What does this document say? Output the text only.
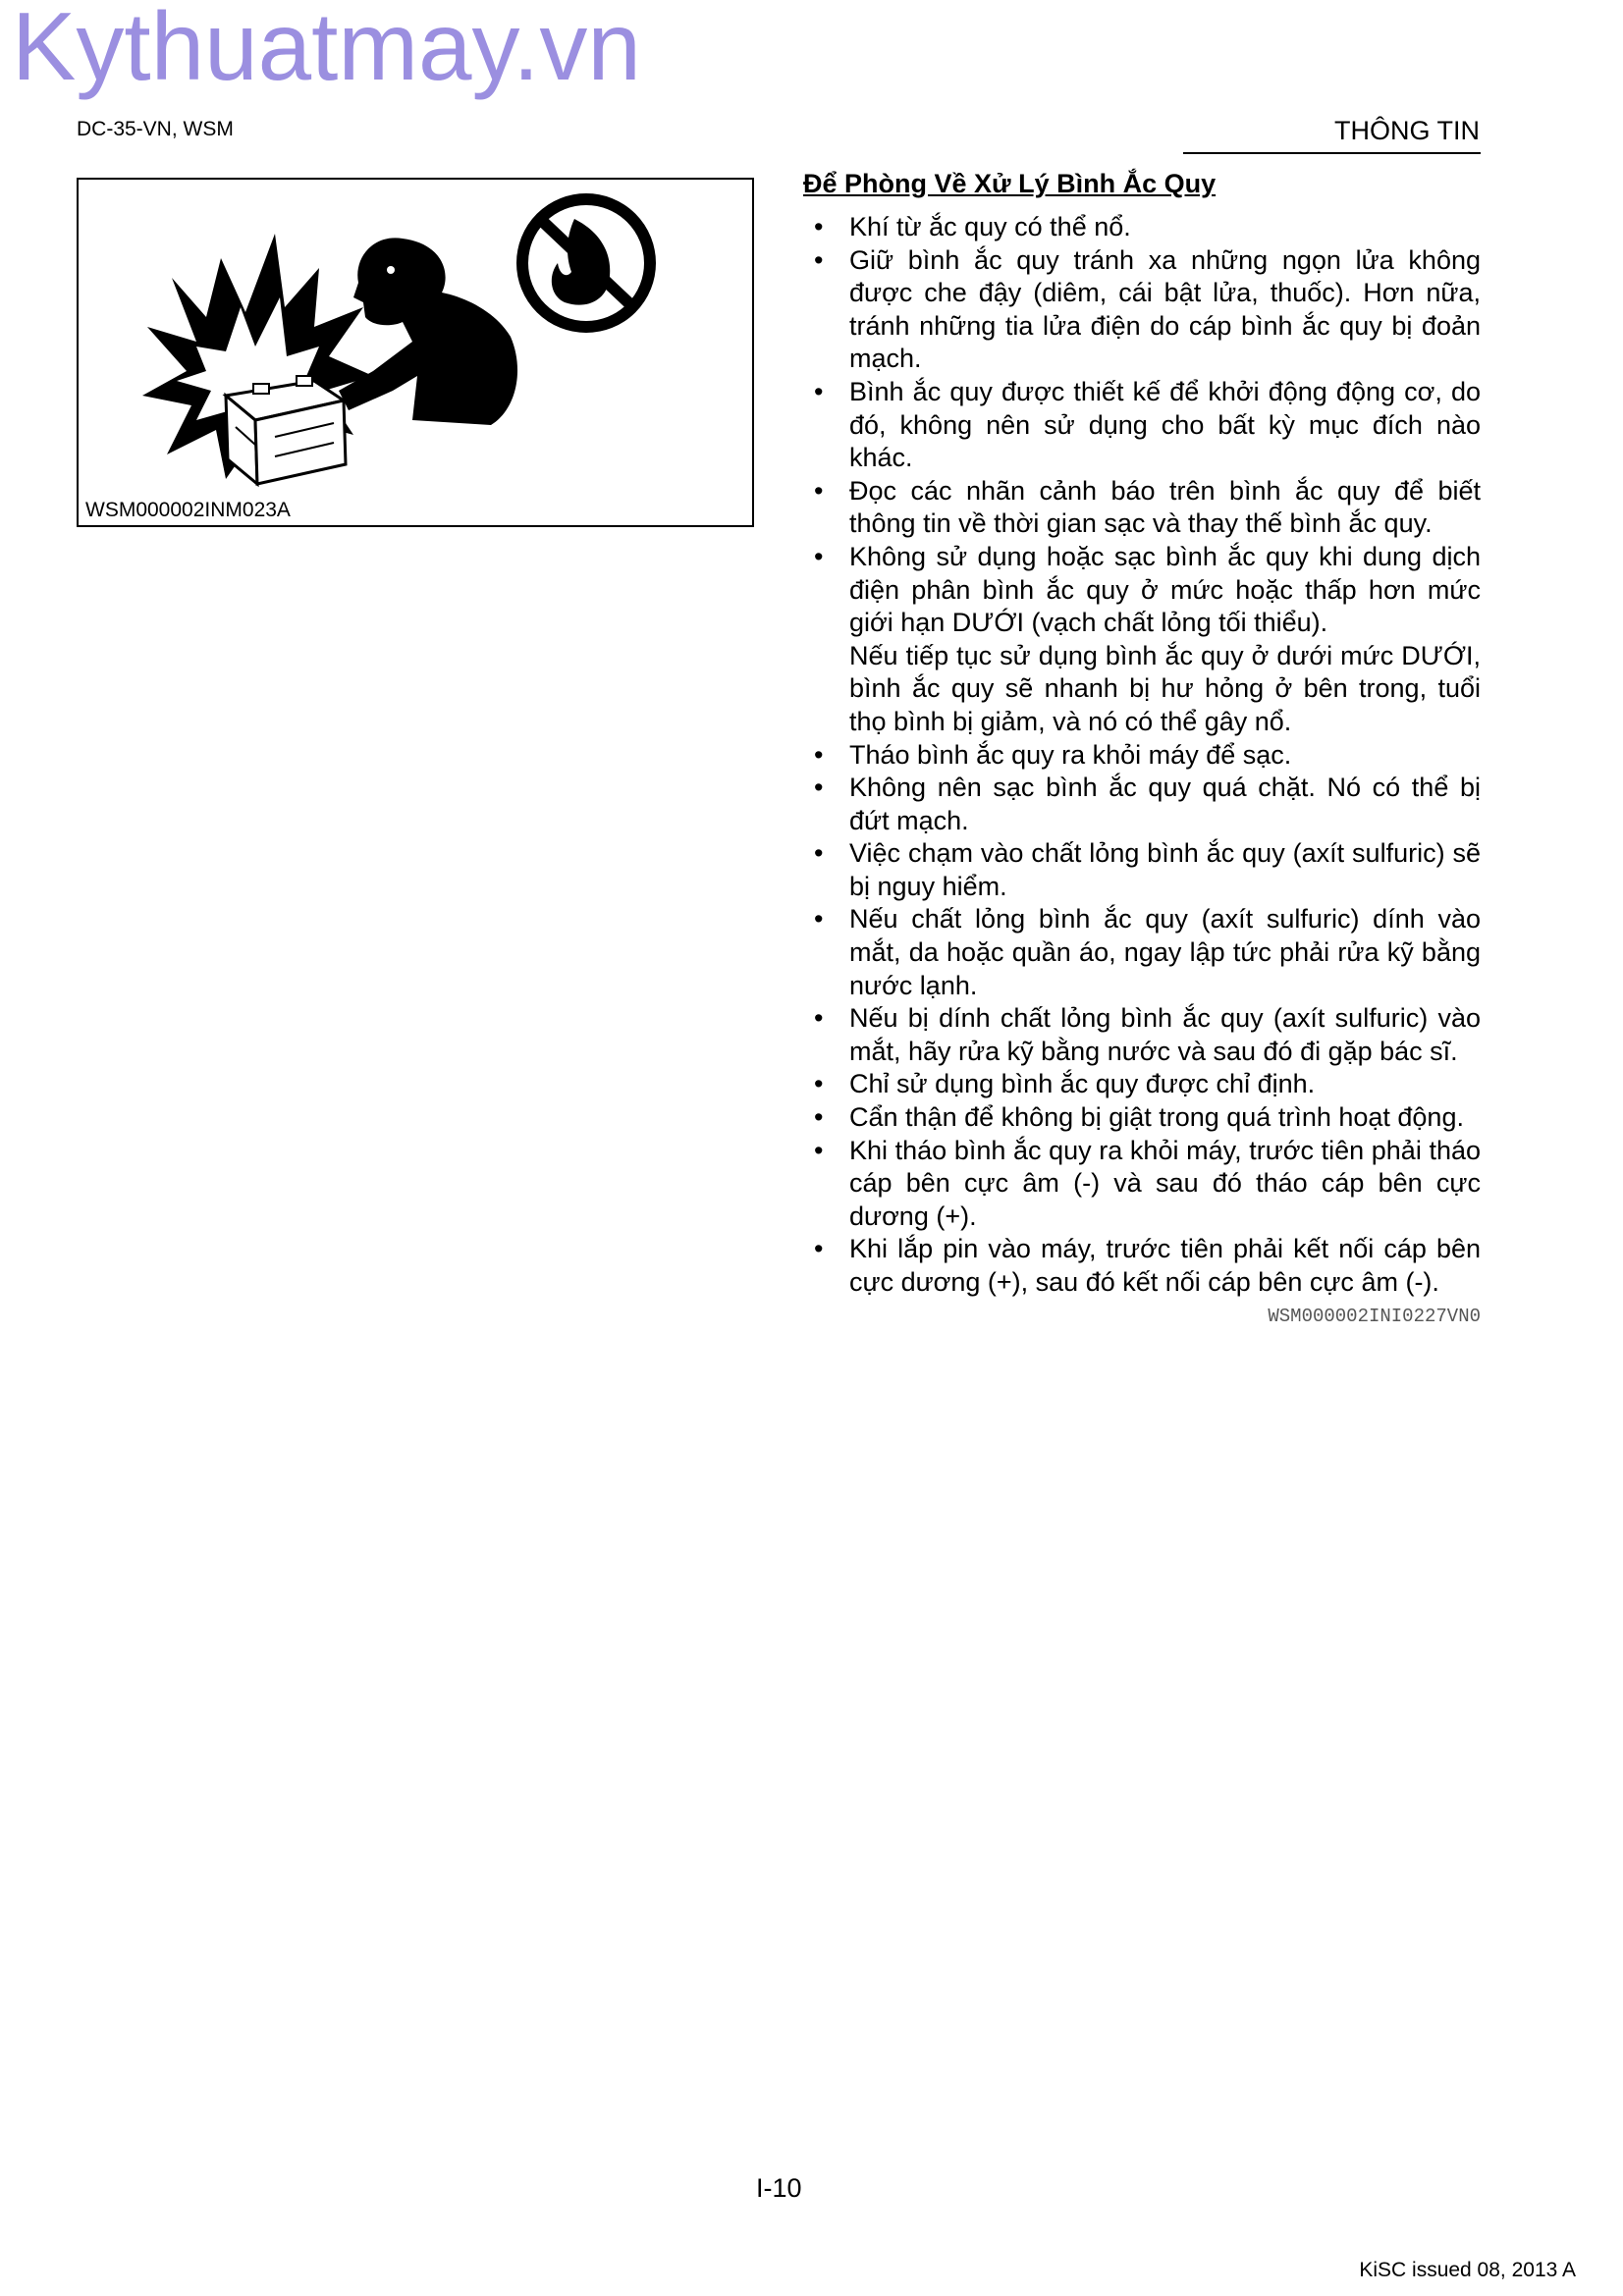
Kythuatmay.vn
DC-35-VN, WSM	THÔNG TIN
WSM000002INM023A
Để Phòng Về Xử Lý Bình Ắc Quy
• Khí từ ắc quy có thể nổ.
• Giữ bình ắc quy tránh xa những ngọn lửa không được che đậy (diêm, cái bật lửa, thuốc). Hơn nữa, tránh những tia lửa điện do cáp bình ắc quy bị đoản mạch.
• Bình ắc quy được thiết kế để khởi động động cơ, do đó, không nên sử dụng cho bất kỳ mục đích nào khác.
• Đọc các nhãn cảnh báo trên bình ắc quy để biết thông tin về thời gian sạc và thay thế bình ắc quy.
• Không sử dụng hoặc sạc bình ắc quy khi dung dịch điện phân bình ắc quy ở mức hoặc thấp hơn mức giới hạn DƯỚI (vạch chất lỏng tối thiểu).
Nếu tiếp tục sử dụng bình ắc quy ở dưới mức DƯỚI, bình ắc quy sẽ nhanh bị hư hỏng ở bên trong, tuổi thọ bình bị giảm, và nó có thể gây nổ.
• Tháo bình ắc quy ra khỏi máy để sạc.
• Không nên sạc bình ắc quy quá chặt. Nó có thể bị đứt mạch.
• Việc chạm vào chất lỏng bình ắc quy (axít sulfuric) sẽ bị nguy hiểm.
• Nếu chất lỏng bình ắc quy (axít sulfuric) dính vào mắt, da hoặc quần áo, ngay lập tức phải rửa kỹ bằng nước lạnh.
• Nếu bị dính chất lỏng bình ắc quy (axít sulfuric) vào mắt, hãy rửa kỹ bằng nước và sau đó đi gặp bác sĩ.
• Chỉ sử dụng bình ắc quy được chỉ định.
• Cẩn thận để không bị giật trong quá trình hoạt động.
• Khi tháo bình ắc quy ra khỏi máy, trước tiên phải tháo cáp bên cực âm (-) và sau đó tháo cáp bên cực dương (+).
• Khi lắp pin vào máy, trước tiên phải kết nối cáp bên cực dương (+), sau đó kết nối cáp bên cực âm (-).
WSM000002INI0227VN0
I-10
KiSC issued 08, 2013 A
